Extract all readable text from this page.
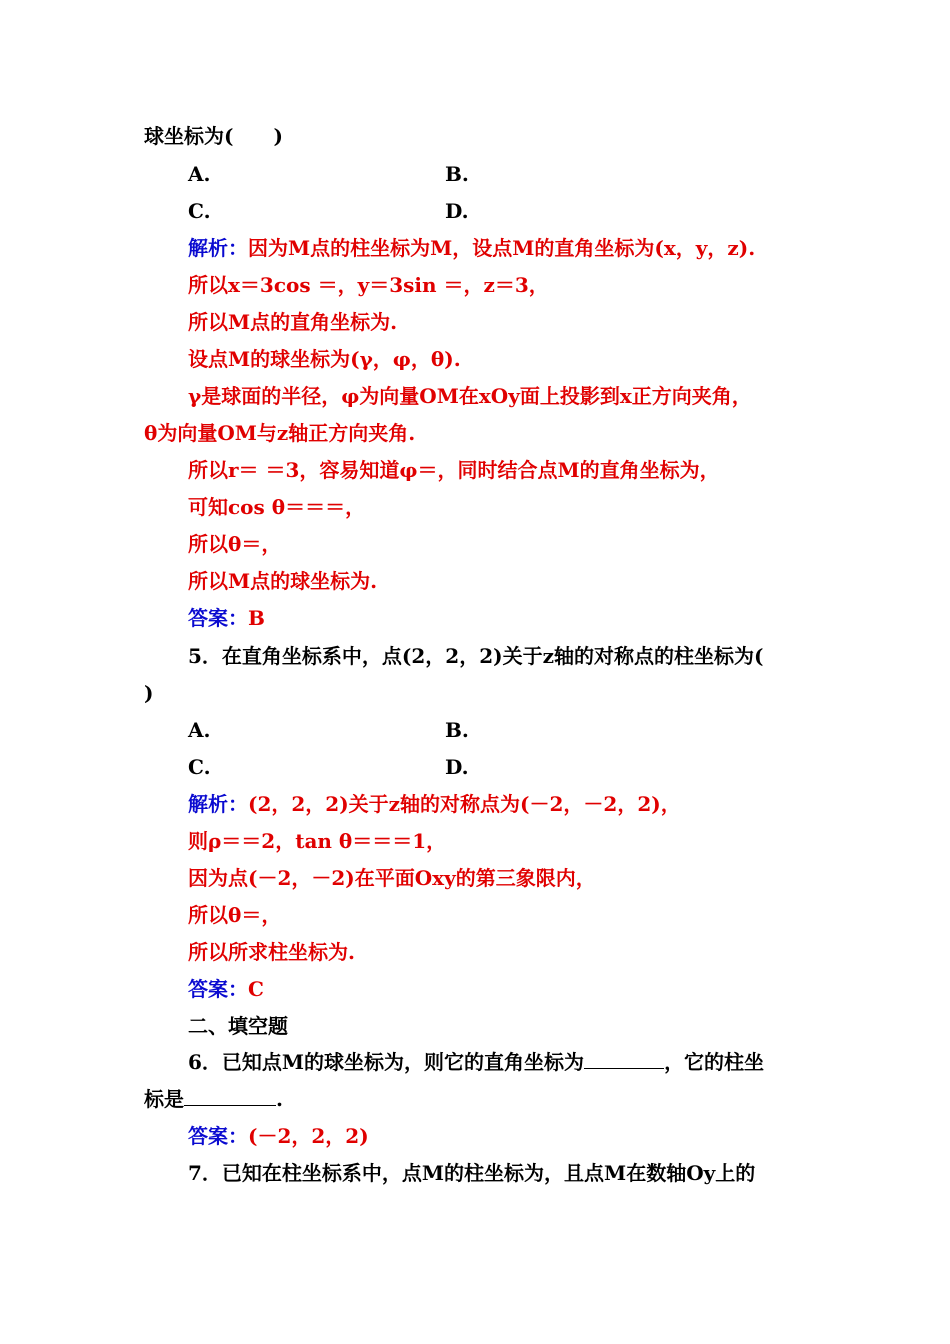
球坐标为(　　)
A.	B.
C.	D.
解析：因为M点的柱坐标为M，设点M的直角坐标为(x，y，z).
所以x＝3cos ＝，y＝3sin ＝，z＝3，
所以M点的直角坐标为.
设点M的球坐标为(γ，φ，θ).
γ是球面的半径，φ为向量OM在xOy面上投影到x正方向夹角，
θ为向量OM与z轴正方向夹角.
所以r＝ ＝3，容易知道φ＝，同时结合点M的直角坐标为，
可知cos θ＝＝＝，
所以θ＝，
所以M点的球坐标为.
答案：B
5．在直角坐标系中，点(2，2，2)关于z轴的对称点的柱坐标为(
)
A.	B.
C.	D.
解析：(2，2，2)关于z轴的对称点为(－2，－2，2)，
则ρ＝＝2，tan θ＝＝＝1，
因为点(－2，－2)在平面Oxy的第三象限内，
所以θ＝，
所以所求柱坐标为.
答案：C
二、填空题
6．已知点M的球坐标为，则它的直角坐标为	，它的柱坐
标是	.
答案：(－2，2，2)
7．已知在柱坐标系中，点M的柱坐标为，且点M在数轴Oy上的
